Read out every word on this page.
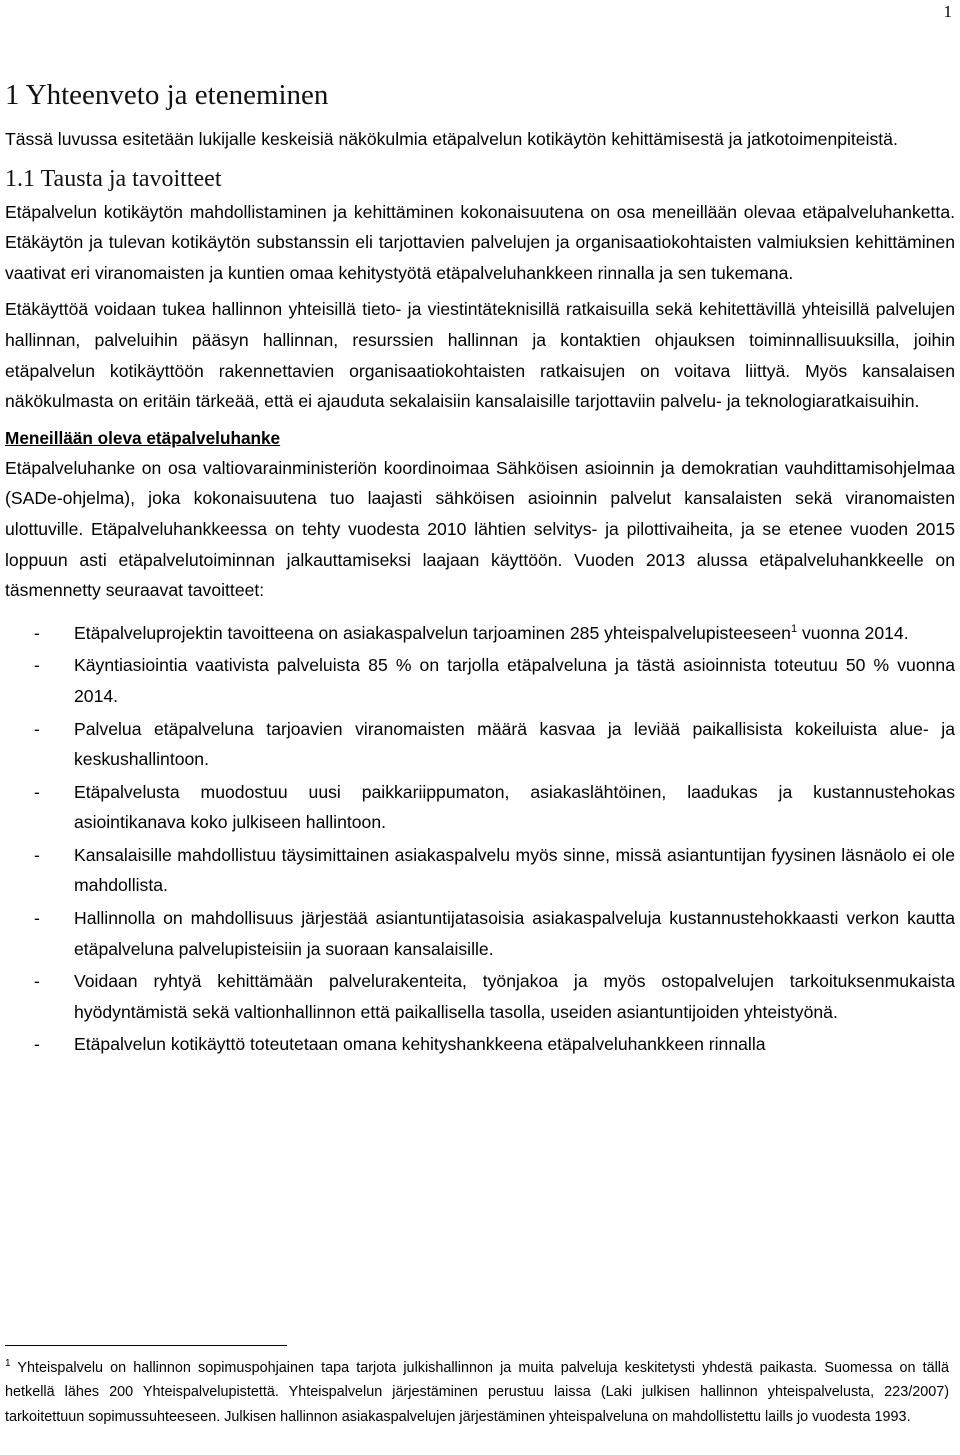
1
1 Yhteenveto ja eteneminen

Tässä luvussa esitetään lukijalle keskeisiä näkökulmia etäpalvelun kotikäytön kehittämisestä ja jatkotoimenpiteistä.

1.1 Tausta ja tavoitteet

Etäpalvelun kotikäytön mahdollistaminen ja kehittäminen kokonaisuutena on osa meneillään olevaa etäpalveluhanketta. Etäkäytön ja tulevan kotikäytön substanssin eli tarjottavien palvelujen ja organisaatiokohtaisten valmiuksien kehittäminen vaativat eri viranomaisten ja kuntien omaa kehitystyötä etäpalveluhankkeen rinnalla ja sen tukemana.

Etäkäyttöä voidaan tukea hallinnon yhteisillä tieto- ja viestintäteknisillä ratkaisuilla sekä kehitettävillä yhteisillä palvelujen hallinnan, palveluihin pääsyn hallinnan, resurssien hallinnan ja kontaktien ohjauksen toiminnallisuuksilla, joihin etäpalvelun kotikäyttöön rakennettavien organisaatiokohtaisten ratkaisujen on voitava liittyä. Myös kansalaisen näkökulmasta on eritäin tärkeää, että ei ajauduta sekalaisiin kansalaisille tarjottaviin palvelu- ja teknologiaratkaisuihin.

Meneillään oleva etäpalveluhanke

Etäpalveluhanke on osa valtiovarainministeriön koordinoimaa Sähköisen asioinnin ja demokratian vauhdittamisohjelmaa (SADe-ohjelma), joka kokonaisuutena tuo laajasti sähköisen asioinnin palvelut kansalaisten sekä viranomaisten ulottuville. Etäpalveluhankkeessa on tehty vuodesta 2010 lähtien selvitys- ja pilottivaiheita, ja se etenee vuoden 2015 loppuun asti etäpalvelutoiminnan jalkauttamiseksi laajaan käyttöön. Vuoden 2013 alussa etäpalveluhankkeelle on täsmennetty seuraavat tavoitteet:

- Etäpalveluprojektin tavoitteena on asiakaspalvelun tarjoaminen 285 yhteispalvelupisteeseen$^1$ vuonna 2014.
- Käyntiasiointia vaativista palveluista 85 % on tarjolla etäpalveluna ja tästä asioinnista toteutuu 50 % vuonna 2014.
- Palvelua etäpalveluna tarjoavien viranomaisten määrä kasvaa ja leviää paikallisista kokeiluista alue- ja keskushallintoon.
- Etäpalvelusta muodostuu uusi paikkariippumaton, asiakaslähtöinen, laadukas ja kustannustehokas asiointikanava koko julkiseen hallintoon.
- Kansalaisille mahdollistuu täysimittainen asiakaspalvelu myös sinne, missä asiantuntijan fyysinen läsnäolo ei ole mahdollista.
- Hallinnolla on mahdollisuus järjestää asiantuntijatasoisia asiakaspalveluja kustannustehokkaasti verkon kautta etäpalveluna palvelupisteisiin ja suoraan kansalaisille.
- Voidaan ryhtyä kehittämään palvelurakenteita, työnjakoa ja myös ostopalvelujen tarkoituksenmukaista hyödyntämistä sekä valtionhallinnon että paikallisella tasolla, useiden asiantuntijoiden yhteistyönä.
- Etäpalvelun kotikäyttö toteutetaan omana kehityshankkeena etäpalveluhankkeen rinnalla
$^1$ Yhteispalvelu on hallinnon sopimuspohjainen tapa tarjota julkishallinnon ja muita palveluja keskitetysti yhdestä paikasta. Suomessa on tällä hetkellä lähes 200 Yhteispalvelupistettä. Yhteispalvelun järjestäminen perustuu laissa (Laki julkisen hallinnon yhteispalvelusta, 223/2007) tarkoitettuun sopimussuhteeseen. Julkisen hallinnon asiakaspalvelujen järjestäminen yhteispalveluna on mahdollistettu laills jo vuodesta 1993.
